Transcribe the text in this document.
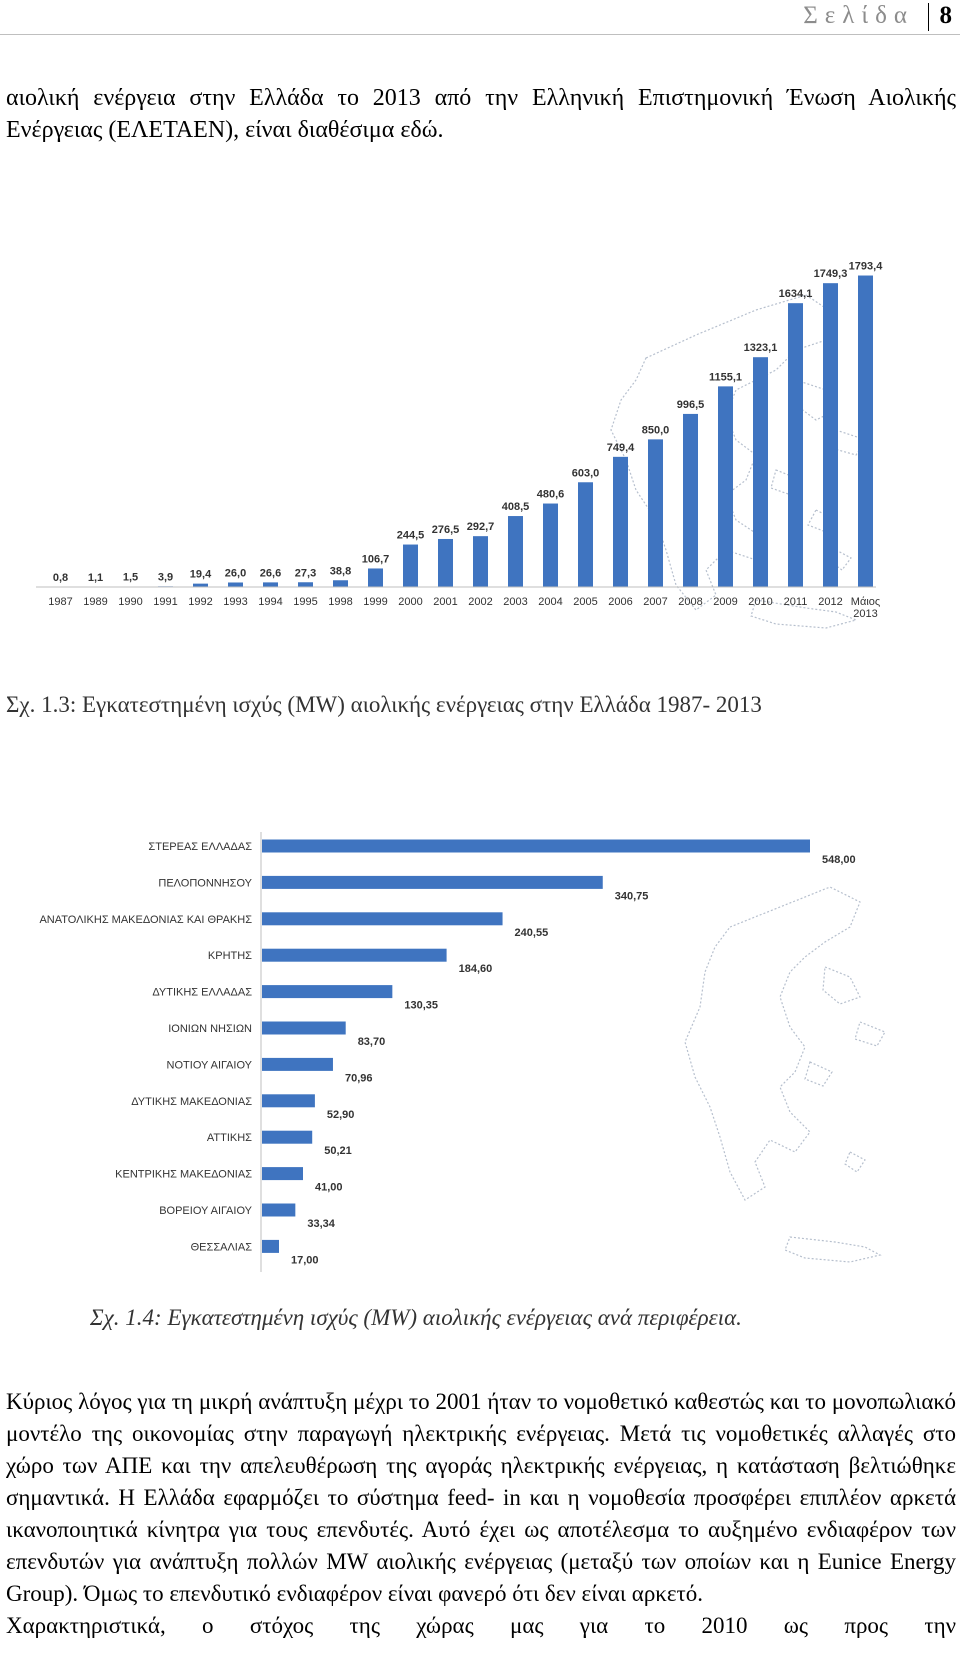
Σελίδα 8
αιολική ενέργεια στην Ελλάδα το 2013 από την Ελληνική Επιστημονική Ένωση Αιολικής Ενέργειας (ΕΛΕΤΑΕΝ), είναι διαθέσιμα εδώ.
0,8 1,1 1,5 3,9 19,4 26,0 26,6 27,3 38,8
106,7
244,5 276,5 292,7
408,5
480,6
603,0
749,4
850,0
996,5
1155,1
1323,1
1634,1
1749,3
1793,4
1987 1989 1990 1991 1992 1993 1994 1995 1998 1999 2000 2001 2002 2003 2004 2005 2006 2007 2008 2009 2010 2011 2012 Μάιος 2013
Σχ. 1.3: Εγκατεστημένη ισχύς (MW) αιολικής ενέργειας στην Ελλάδα 1987- 2013
ΣΤΕΡΕΑΣ ΕΛΛΑΔΑΣ
ΠΕΛΟΠΟΝΝΗΣΟΥ
ΑΝΑΤΟΛΙΚΗΣ ΜΑΚΕΔΟΝΙΑΣ ΚΑΙ ΘΡΑΚΗΣ
ΚΡΗΤΗΣ
ΔΥΤΙΚΗΣ ΕΛΛΑΔΑΣ
ΙΟΝΙΩΝ ΝΗΣΙΩΝ
ΝΟΤΙΟΥ ΑΙΓΑΙΟΥ
ΔΥΤΙΚΗΣ ΜΑΚΕΔΟΝΙΑΣ
ΑΤΤΙΚΗΣ
ΚΕΝΤΡΙΚΗΣ ΜΑΚΕΔΟΝΙΑΣ
ΒΟΡΕΙΟΥ ΑΙΓΑΙΟΥ
ΘΕΣΣΑΛΙΑΣ
548,00
340,75
240,55
184,60
130,35
83,70
70,96
52,90
50,21
41,00
33,34
17,00
Σχ. 1.4: Εγκατεστημένη ισχύς (MW) αιολικής ενέργειας ανά περιφέρεια.
Κύριος λόγος για τη μικρή ανάπτυξη μέχρι το 2001 ήταν το νομοθετικό καθεστώς και το μονοπωλιακό μοντέλο της οικονομίας στην παραγωγή ηλεκτρικής ενέργειας. Μετά τις νομοθετικές αλλαγές στο χώρο των ΑΠΕ και την απελευθέρωση της αγοράς ηλεκτρικής ενέργειας, η κατάσταση βελτιώθηκε σημαντικά. Η Ελλάδα εφαρμόζει το σύστημα feed- in και η νομοθεσία προσφέρει επιπλέον αρκετά ικανοποιητικά κίνητρα για τους επενδυτές. Αυτό έχει ως αποτέλεσμα το αυξημένο ενδιαφέρον των επενδυτών για ανάπτυξη πολλών MW αιολικής ενέργειας (μεταξύ των οποίων και η Eunice Energy Group). Όμως το επενδυτικό ενδιαφέρον είναι φανερό ότι δεν είναι αρκετό.
Χαρακτηριστικά, ο στόχος της χώρας μας για το 2010 ως προς την
